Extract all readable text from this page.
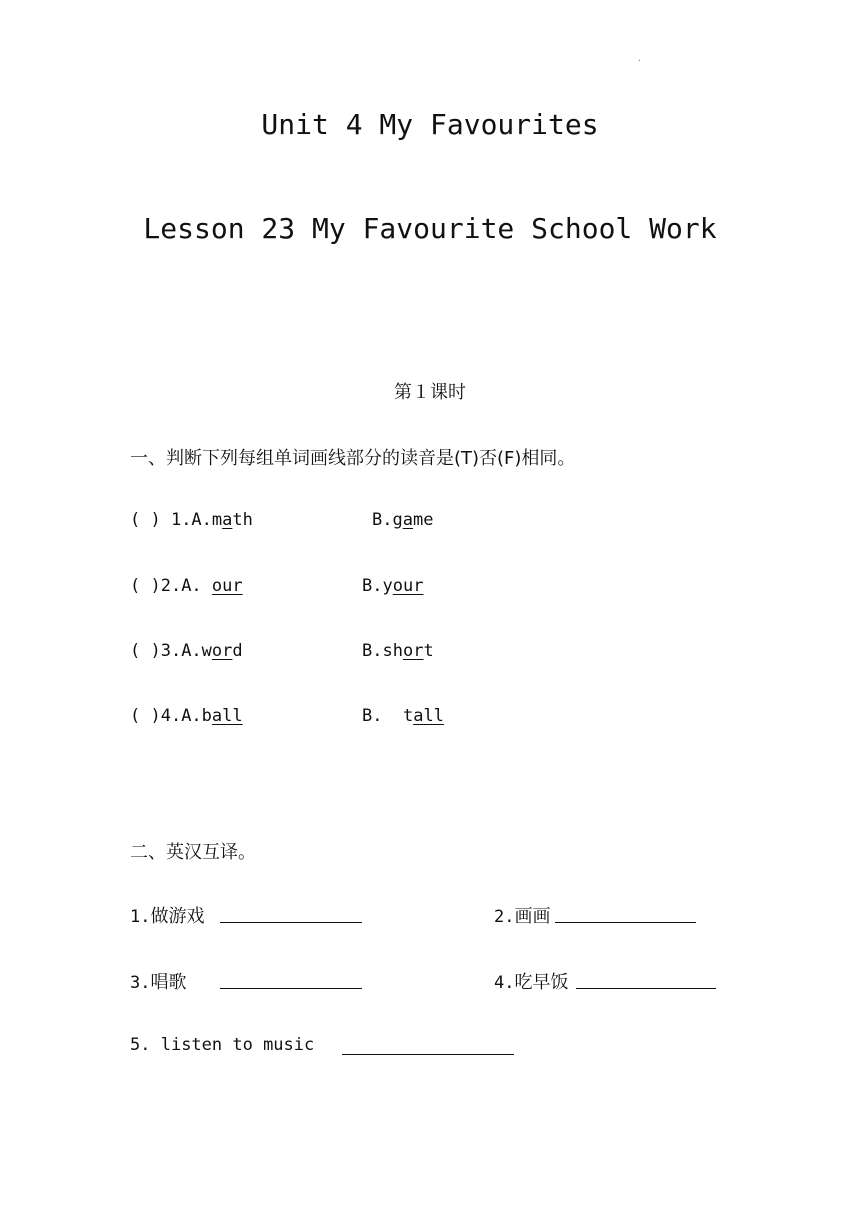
·
Unit 4 My Favourites
Lesson 23 My Favourite School Work
第１课时
一、判断下列每组单词画线部分的读音是(T)否(F)相同。
( ) 1.A.math	B.game
( )2.A. our	B.your
( )3.A.word	B.short
( )4.A.ball	B.  tall
二、英汉互译。
1.做游戏	2.画画
3.唱歌	4.吃早饭
5. listen to music
